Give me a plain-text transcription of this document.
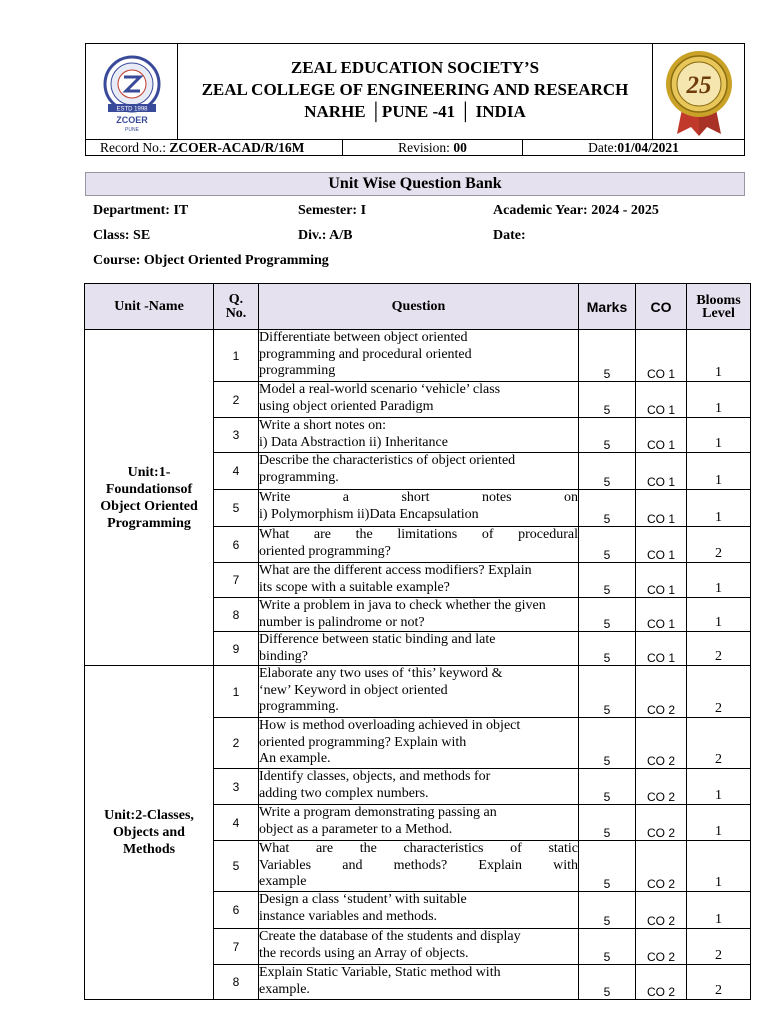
ESTD 1998
ZCOER
PUNE
ZEAL EDUCATION SOCIETY’S
ZEAL COLLEGE OF ENGINEERING AND RESEARCH
NARHE │PUNE -41 │ INDIA
25
Record No.: ZCOER-ACAD/R/16M	Revision: 00	Date:01/04/2021
Unit Wise Question Bank
Department: IT	Semester: I	Academic Year: 2024 - 2025
Class: SE	Div.: A/B	Date:
Course: Object Oriented Programming
Unit -Name	Q.
No.	Question	Marks	CO	Blooms
Level
Unit:1-
Foundationsof
Object Oriented
Programming	1	Differentiate between object oriented
programming and procedural oriented
programming	5	CO 1	1
	2	Model a real-world scenario ‘vehicle’ class
using object oriented Paradigm	5	CO 1	1
	3	Write a short notes on:
i) Data Abstraction ii) Inheritance	5	CO 1	1
	4	Describe the characteristics of object oriented
programming.	5	CO 1	1
	5	Write a short notes on
i) Polymorphism ii)Data Encapsulation	5	CO 1	1
	6	What are the limitations of procedural
oriented programming?	5	CO 1	2
	7	What are the different access modifiers? Explain
its scope with a suitable example?	5	CO 1	1
	8	Write a problem in java to check whether the given
number is palindrome or not?	5	CO 1	1
	9	Difference between static binding and late
binding?	5	CO 1	2
Unit:2-Classes,
Objects and
Methods	1	Elaborate any two uses of ‘this’ keyword &
‘new’ Keyword in object oriented
programming.	5	CO 2	2
	2	How is method overloading achieved in object
oriented programming? Explain with
An example.	5	CO 2	2
	3	Identify classes, objects, and methods for
adding two complex numbers.	5	CO 2	1
	4	Write a program demonstrating passing an
object as a parameter to a Method.	5	CO 2	1
	5	What are the characteristics of static
Variables and methods? Explain with
example	5	CO 2	1
	6	Design a class ‘student’ with suitable
instance variables and methods.	5	CO 2	1
	7	Create the database of the students and display
the records using an Array of objects.	5	CO 2	2
	8	Explain Static Variable, Static method with
example.	5	CO 2	2
